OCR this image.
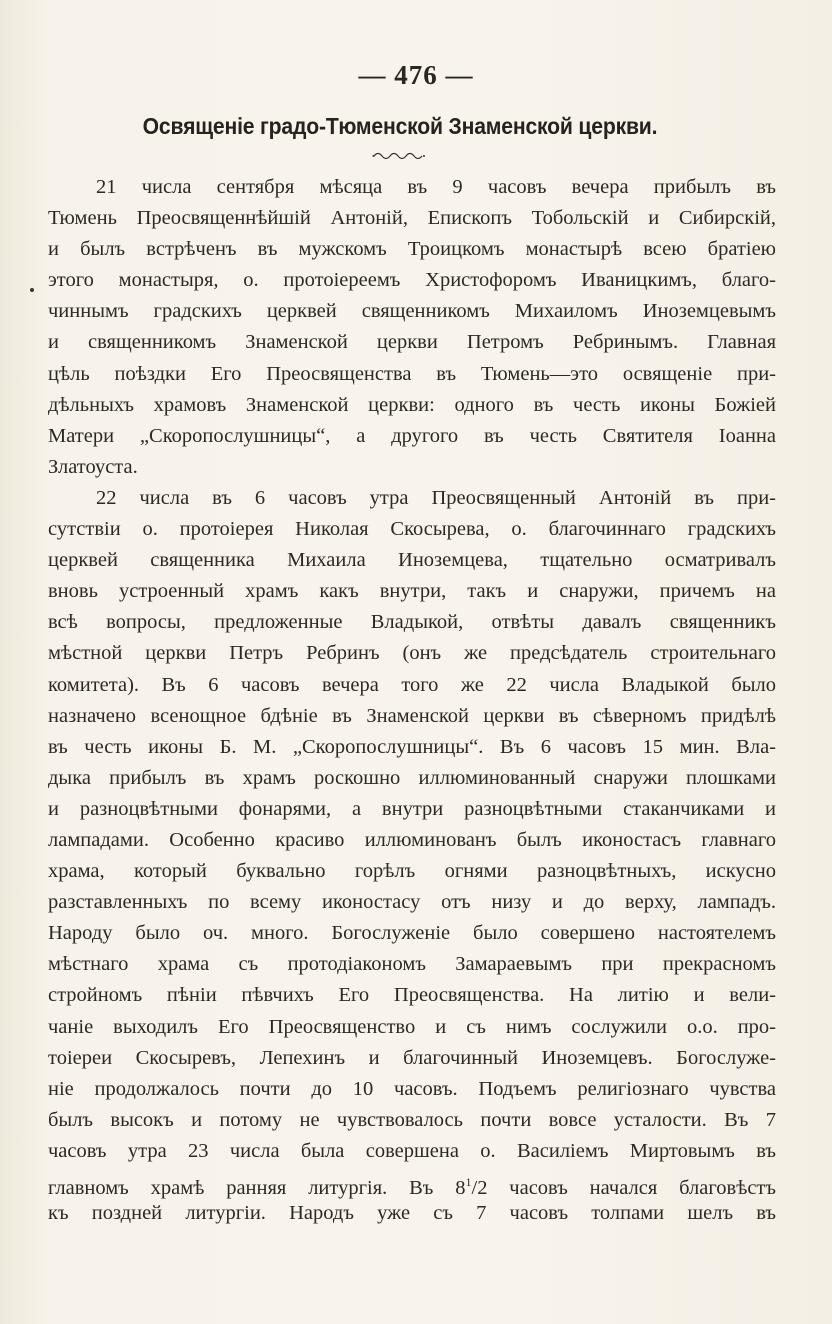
— 476 —
Освященіе градо-Тюменской Знаменской церкви.
21 числа сентября мѣсяца въ 9 часовъ вечера прибылъ въ
Тюмень Преосвященнѣйшій Антоній, Епископъ Тобольскій и Сибирскій,
и былъ встрѣченъ въ мужскомъ Троицкомъ монастырѣ всею братіею
этого монастыря, о. протоіереемъ Христофоромъ Иваницкимъ, благо-
чиннымъ градскихъ церквей священникомъ Михаиломъ Иноземцевымъ
и священникомъ Знаменской церкви Петромъ Ребринымъ. Главная
цѣль поѣздки Его Преосвященства въ Тюмень—это освященіе при-
дѣльныхъ храмовъ Знаменской церкви: одного въ честь иконы Божіей
Матери „Скоропослушницы“, а другого въ честь Святителя Іоанна
Златоуста.
22 числа въ 6 часовъ утра Преосвященный Антоній въ при-
сутствіи о. протоіерея Николая Скосырева, о. благочиннаго градскихъ
церквей священника Михаила Иноземцева, тщательно осматривалъ
вновь устроенный храмъ какъ внутри, такъ и снаружи, причемъ на
всѣ вопросы, предложенные Владыкой, отвѣты давалъ священникъ
мѣстной церкви Петръ Ребринъ (онъ же предсѣдатель строительнаго
комитета). Въ 6 часовъ вечера того же 22 числа Владыкой было
назначено всенощное бдѣніе въ Знаменской церкви въ сѣверномъ придѣлѣ
въ честь иконы Б. М. „Скоропослушницы“. Въ 6 часовъ 15 мин. Вла-
дыка прибылъ въ храмъ роскошно иллюминованный снаружи плошками
и разноцвѣтными фонарями, а внутри разноцвѣтными стаканчиками и
лампадами. Особенно красиво иллюминованъ былъ иконостасъ главнаго
храма, который буквально горѣлъ огнями разноцвѣтныхъ, искусно
разставленныхъ по всему иконостасу отъ низу и до верху, лампадъ.
Народу было оч. много. Богослуженіе было совершено настоятелемъ
мѣстнаго храма съ протодіакономъ Замараевымъ при прекрасномъ
стройномъ пѣніи пѣвчихъ Его Преосвященства. На литію и вели-
чаніе выходилъ Его Преосвященство и съ нимъ сослужили о.о. про-
тоіереи Скосыревъ, Лепехинъ и благочинный Иноземцевъ. Богослуже-
ніе продолжалось почти до 10 часовъ. Подъемъ религіознаго чувства
былъ высокъ и потому не чувствовалось почти вовсе усталости. Въ 7
часовъ утра 23 числа была совершена о. Василіемъ Миртовымъ въ
главномъ храмѣ ранняя литургія. Въ $8^1/2$ часовъ начался благовѣстъ
къ поздней литургіи. Народъ уже съ 7 часовъ толпами шелъ въ
